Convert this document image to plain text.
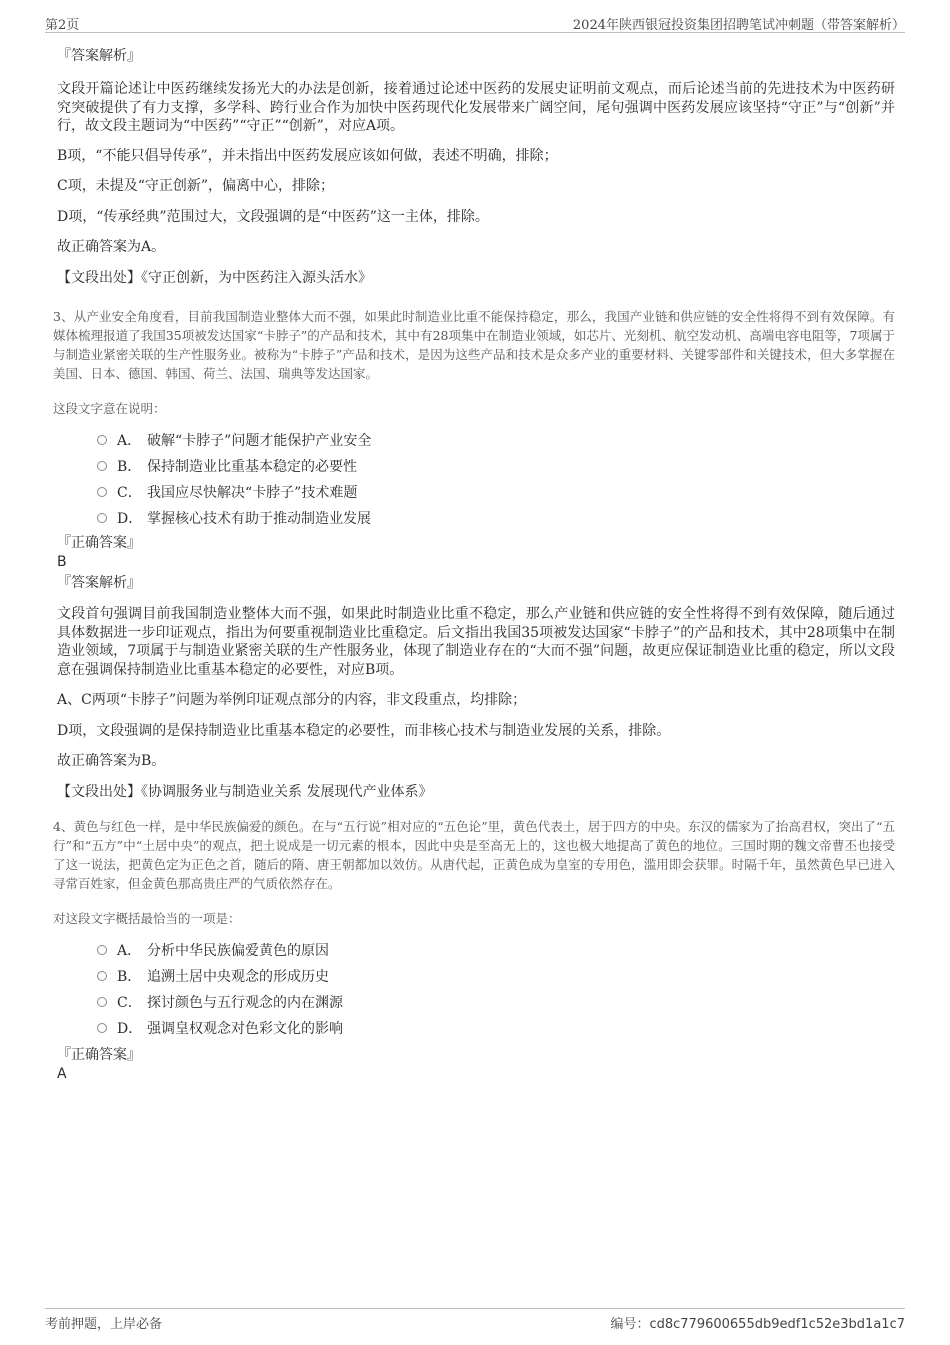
第2页	2024年陕西银冠投资集团招聘笔试冲刺题（带答案解析）
『答案解析』
文段开篇论述让中医药继续发扬光大的办法是创新，接着通过论述中医药的发展史证明前文观点，而后论述当前的先进技术为中医药研究突破提供了有力支撑，多学科、跨行业合作为加快中医药现代化发展带来广阔空间，尾句强调中医药发展应该坚持“守正”与“创新”并行，故文段主题词为“中医药”“守正”“创新”，对应A项。
B项，“不能只倡导传承”，并未指出中医药发展应该如何做，表述不明确，排除；
C项，未提及“守正创新”，偏离中心，排除；
D项，“传承经典”范围过大，文段强调的是“中医药”这一主体，排除。
故正确答案为A。
【文段出处】《守正创新，为中医药注入源头活水》
3、从产业安全角度看，目前我国制造业整体大而不强，如果此时制造业比重不能保持稳定，那么，我国产业链和供应链的安全性将得不到有效保障。有媒体梳理报道了我国35项被发达国家“卡脖子”的产品和技术，其中有28项集中在制造业领域，如芯片、光刻机、航空发动机、高端电容电阻等，7项属于与制造业紧密关联的生产性服务业。被称为“卡脖子”产品和技术，是因为这些产品和技术是众多产业的重要材料、关键零部件和关键技术，但大多掌握在美国、日本、德国、韩国、荷兰、法国、瑞典等发达国家。
这段文字意在说明：
A． 破解“卡脖子”问题才能保护产业安全
B． 保持制造业比重基本稳定的必要性
C． 我国应尽快解决“卡脖子”技术难题
D． 掌握核心技术有助于推动制造业发展
『正确答案』
B
『答案解析』
文段首句强调目前我国制造业整体大而不强，如果此时制造业比重不稳定，那么产业链和供应链的安全性将得不到有效保障，随后通过具体数据进一步印证观点，指出为何要重视制造业比重稳定。后文指出我国35项被发达国家“卡脖子”的产品和技术，其中28项集中在制造业领域，7项属于与制造业紧密关联的生产性服务业，体现了制造业存在的“大而不强”问题，故更应保证制造业比重的稳定，所以文段意在强调保持制造业比重基本稳定的必要性，对应B项。
A、C两项“卡脖子”问题为举例印证观点部分的内容，非文段重点，均排除；
D项，文段强调的是保持制造业比重基本稳定的必要性，而非核心技术与制造业发展的关系，排除。
故正确答案为B。
【文段出处】《协调服务业与制造业关系 发展现代产业体系》
4、黄色与红色一样，是中华民族偏爱的颜色。在与“五行说”相对应的“五色论”里，黄色代表土，居于四方的中央。东汉的儒家为了抬高君权，突出了“五行”和“五方”中“土居中央”的观点，把土说成是一切元素的根本，因此中央是至高无上的，这也极大地提高了黄色的地位。三国时期的魏文帝曹丕也接受了这一说法，把黄色定为正色之首，随后的隋、唐王朝都加以效仿。从唐代起，正黄色成为皇室的专用色，滥用即会获罪。时隔千年，虽然黄色早已进入寻常百姓家，但金黄色那高贵庄严的气质依然存在。
对这段文字概括最恰当的一项是：
A． 分析中华民族偏爱黄色的原因
B． 追溯土居中央观念的形成历史
C． 探讨颜色与五行观念的内在渊源
D． 强调皇权观念对色彩文化的影响
『正确答案』
A
考前押题，上岸必备	编号：cd8c779600655db9edf1c52e3bd1a1c7
